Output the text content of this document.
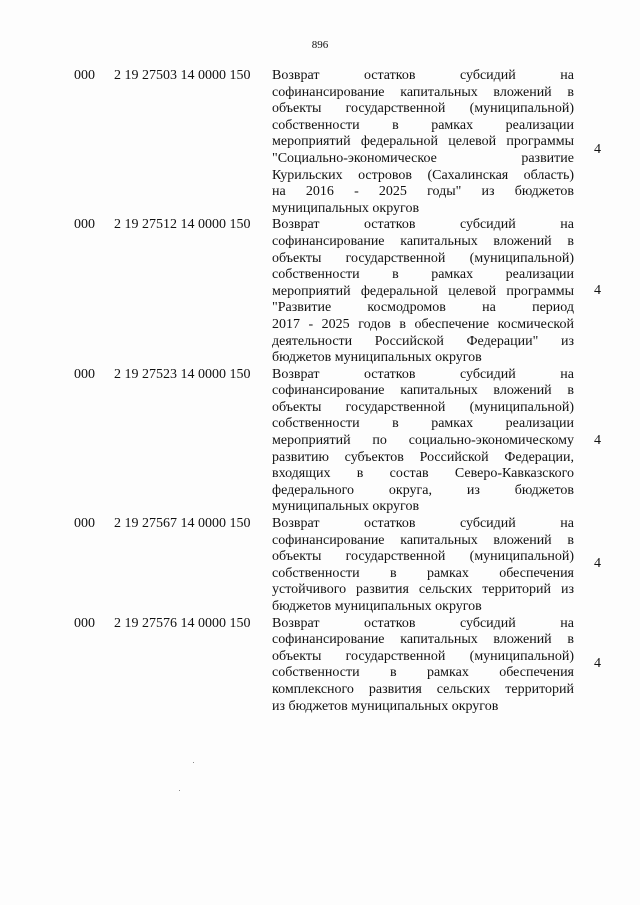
896
000	2 19 27503 14 0000 150	Возврат остатков субсидий на
софинансирование капитальных вложений в
объекты государственной (муниципальной)
собственности в рамках реализации
мероприятий федеральной целевой программы
"Социально-экономическое развитие
Курильских островов (Сахалинская область)
на 2016 - 2025 годы" из бюджетов
муниципальных округов
4
000	2 19 27512 14 0000 150	Возврат остатков субсидий на
софинансирование капитальных вложений в
объекты государственной (муниципальной)
собственности в рамках реализации
мероприятий федеральной целевой программы
"Развитие космодромов на период
2017 - 2025 годов в обеспечение космической
деятельности Российской Федерации" из
бюджетов муниципальных округов
4
000	2 19 27523 14 0000 150	Возврат остатков субсидий на
софинансирование капитальных вложений в
объекты государственной (муниципальной)
собственности в рамках реализации
мероприятий по социально-экономическому
развитию субъектов Российской Федерации,
входящих в состав Северо-Кавказского
федерального округа, из бюджетов
муниципальных округов
4
000	2 19 27567 14 0000 150	Возврат остатков субсидий на
софинансирование капитальных вложений в
объекты государственной (муниципальной)
собственности в рамках обеспечения
устойчивого развития сельских территорий из
бюджетов муниципальных округов
4
000	2 19 27576 14 0000 150	Возврат остатков субсидий на
софинансирование капитальных вложений в
объекты государственной (муниципальной)
собственности в рамках обеспечения
комплексного развития сельских территорий
из бюджетов муниципальных округов
4
